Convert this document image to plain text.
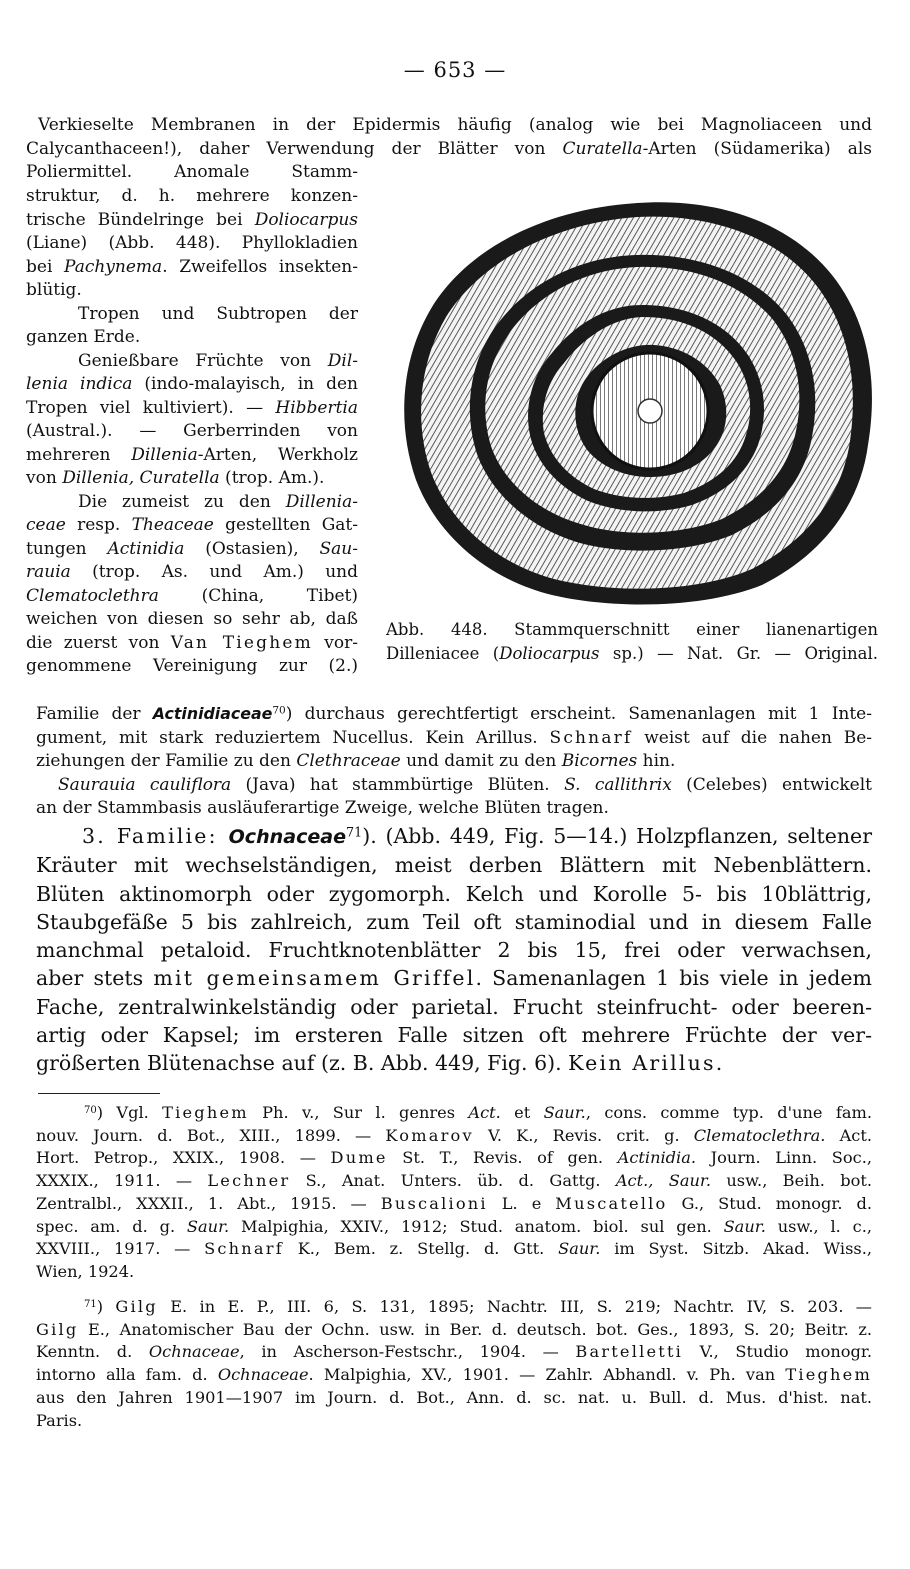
— 653 —
Verkieselte Membranen in der Epidermis häufig (analog wie bei Magnoliaceen und
Calycanthaceen!), daher Verwendung der Blätter von Curatella-Arten (Südamerika) als
Poliermittel. Anomale Stamm-
struktur, d. h. mehrere konzen-
trische Bündelringe bei Doliocarpus
(Liane) (Abb. 448). Phyllokladien
bei Pachynema. Zweifellos insekten-
blütig.
Tropen und Subtropen der
ganzen Erde.
Genießbare Früchte von Dil-
lenia indica (indo-malayisch, in den
Tropen viel kultiviert). — Hibbertia
(Austral.). — Gerberrinden von
mehreren Dillenia-Arten, Werkholz
von Dillenia, Curatella (trop. Am.).
Die zumeist zu den Dillenia-
ceae resp. Theaceae gestellten Gat-
tungen Actinidia (Ostasien), Sau-
rauia (trop. As. und Am.) und
Clematoclethra (China, Tibet)
weichen von diesen so sehr ab, daß
die zuerst von Van Tieghem vor-
genommene Vereinigung zur (2.)
Abb. 448. Stammquerschnitt einer lianenartigen
Dilleniacee (Doliocarpus sp.) — Nat. Gr. — Original.
Familie der Actinidiaceae$^{70}$) durchaus gerechtfertigt erscheint. Samenanlagen mit 1 Inte-
gument, mit stark reduziertem Nucellus. Kein Arillus. Schnarf weist auf die nahen Be-
ziehungen der Familie zu den Clethraceae und damit zu den Bicornes hin.
Saurauia cauliflora (Java) hat stammbürtige Blüten. S. callithrix (Celebes) entwickelt
an der Stammbasis ausläuferartige Zweige, welche Blüten tragen.
3. Familie: Ochnaceae$^{71}$). (Abb. 449, Fig. 5—14.) Holzpflanzen, seltener
Kräuter mit wechselständigen, meist derben Blättern mit Nebenblättern.
Blüten aktinomorph oder zygomorph. Kelch und Korolle 5- bis 10blättrig,
Staubgefäße 5 bis zahlreich, zum Teil oft staminodial und in diesem Falle
manchmal petaloid. Fruchtknotenblätter 2 bis 15, frei oder verwachsen,
aber stets mit gemeinsamem Griffel. Samenanlagen 1 bis viele in jedem
Fache, zentralwinkelständig oder parietal. Frucht steinfrucht- oder beeren-
artig oder Kapsel; im ersteren Falle sitzen oft mehrere Früchte der ver-
größerten Blütenachse auf (z. B. Abb. 449, Fig. 6). Kein Arillus.
$^{70}$) Vgl. Tieghem Ph. v., Sur l. genres Act. et Saur., cons. comme typ. d'une fam.
nouv. Journ. d. Bot., XIII., 1899. — Komarov V. K., Revis. crit. g. Clematoclethra. Act.
Hort. Petrop., XXIX., 1908. — Dume St. T., Revis. of gen. Actinidia. Journ. Linn. Soc.,
XXXIX., 1911. — Lechner S., Anat. Unters. üb. d. Gattg. Act., Saur. usw., Beih. bot.
Zentralbl., XXXII., 1. Abt., 1915. — Buscalioni L. e Muscatello G., Stud. monogr. d.
spec. am. d. g. Saur. Malpighia, XXIV., 1912; Stud. anatom. biol. sul gen. Saur. usw., l. c.,
XXVIII., 1917. — Schnarf K., Bem. z. Stellg. d. Gtt. Saur. im Syst. Sitzb. Akad. Wiss.,
Wien, 1924.
$^{71}$) Gilg E. in E. P., III. 6, S. 131, 1895; Nachtr. III, S. 219; Nachtr. IV, S. 203. —
Gilg E., Anatomischer Bau der Ochn. usw. in Ber. d. deutsch. bot. Ges., 1893, S. 20; Beitr. z.
Kenntn. d. Ochnaceae, in Ascherson-Festschr., 1904. — Bartelletti V., Studio monogr.
intorno alla fam. d. Ochnaceae. Malpighia, XV., 1901. — Zahlr. Abhandl. v. Ph. van Tieghem
aus den Jahren 1901—1907 im Journ. d. Bot., Ann. d. sc. nat. u. Bull. d. Mus. d'hist. nat.
Paris.
